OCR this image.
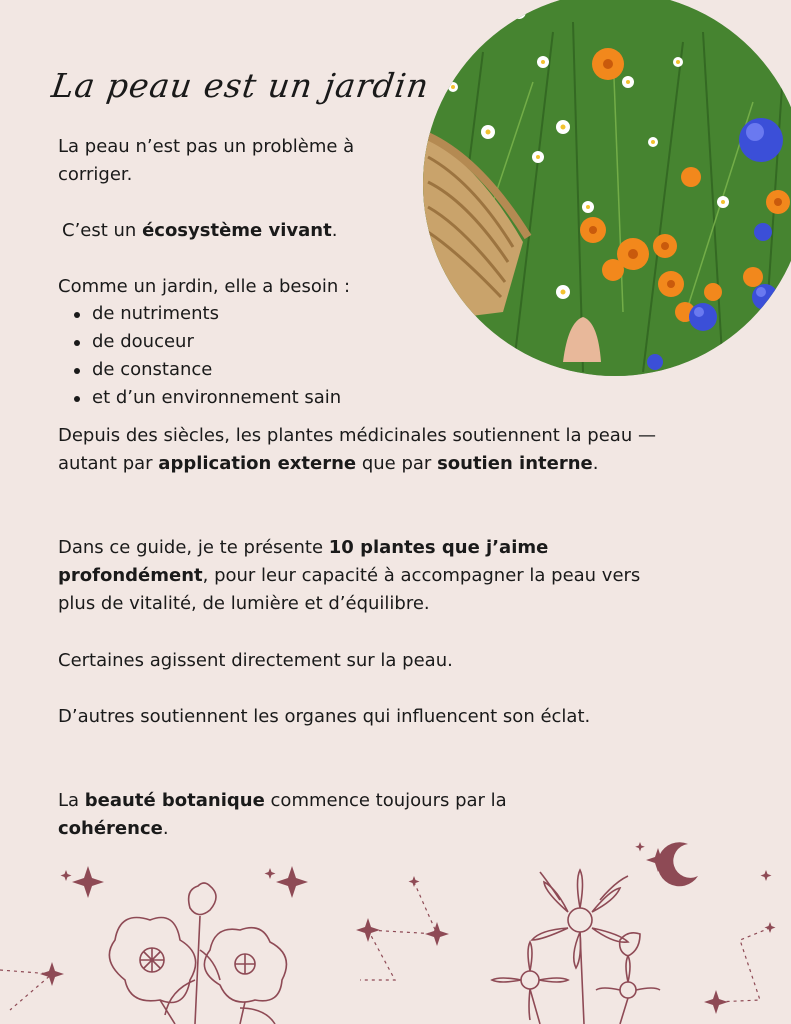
La peau est un jardin

La peau n’est pas un problème à corriger.

C’est un écosystème vivant.

Comme un jardin, elle a besoin :

de nutriments
de douceur
de constance
et d’un environnement sain

Depuis des siècles, les plantes médicinales soutiennent la peau — autant par application externe que par soutien interne.

Dans ce guide, je te présente 10 plantes que j’aime profondément, pour leur capacité à accompagner la peau vers plus de vitalité, de lumière et d’équilibre.

Certaines agissent directement sur la peau.

D’autres soutiennent les organes qui influencent son éclat.

La beauté botanique commence toujours par la cohérence.
